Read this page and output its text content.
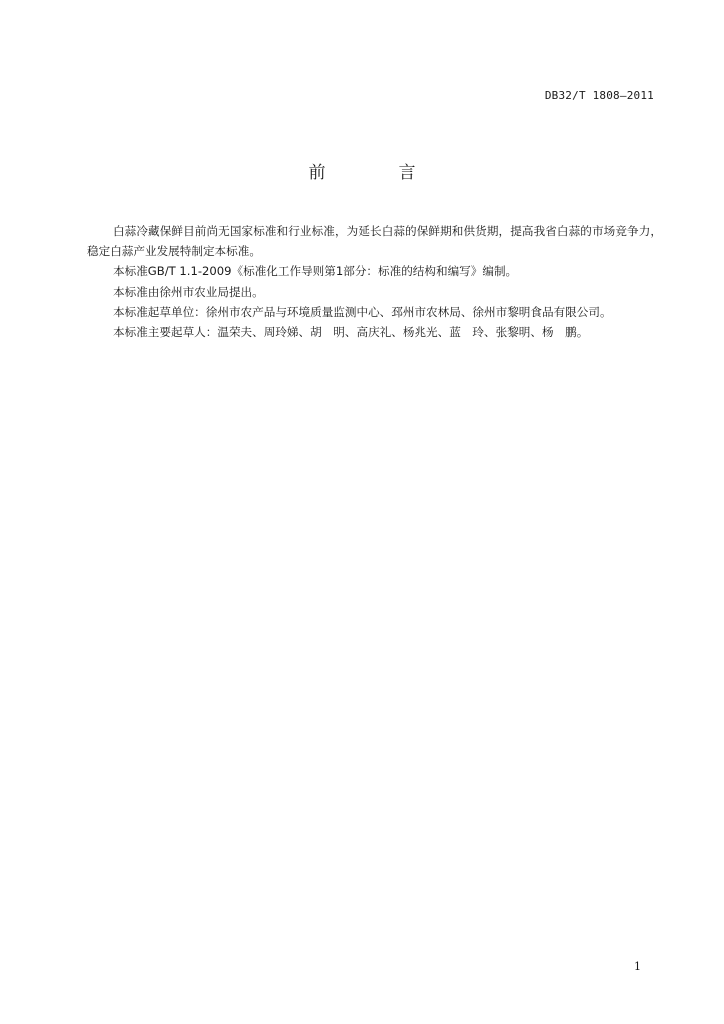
DB32/T 1808—2011
前　言

白蒜冷藏保鲜目前尚无国家标准和行业标准，为延长白蒜的保鲜期和供货期，提高我省白蒜的市场竞争力，稳定白蒜产业发展特制定本标准。

本标准GB/T 1.1-2009《标准化工作导则第1部分：标准的结构和编写》编制。

本标准由徐州市农业局提出。

本标准起草单位：徐州市农产品与环境质量监测中心、邳州市农林局、徐州市黎明食品有限公司。

本标准主要起草人：温荣夫、周玲娣、胡　明、高庆礼、杨兆光、蓝　玲、张黎明、杨　鹏。

1
